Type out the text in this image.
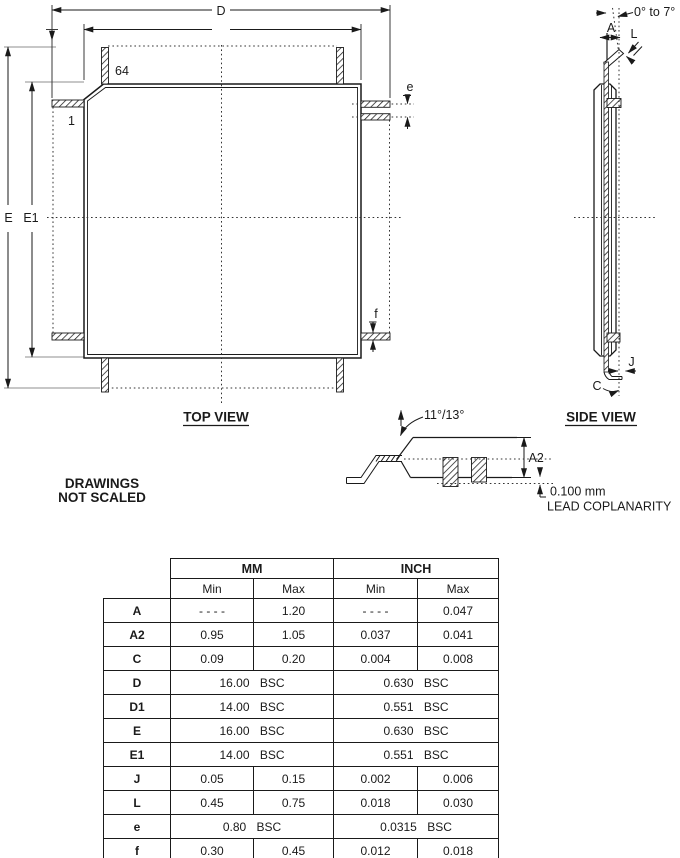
D
E E1
e
f
64
1
TOP VIEW
0° to 7°
A L
J
C
SIDE VIEW
11°/13°
A2
0.100 mm
LEAD COPLANARITY
DRAWINGS
NOT SCALED
	MM		INCH	
	Min	Max	Min	Max
A	- - - -	1.20	- - - -	0.047
A2	0.95	1.05	0.037	0.041
C	0.09	0.20	0.004	0.008
D	16.00 BSC		0.630 BSC	
D1	14.00 BSC		0.551 BSC	
E	16.00 BSC		0.630 BSC	
E1	14.00 BSC		0.551 BSC	
J	0.05	0.15	0.002	0.006
L	0.45	0.75	0.018	0.030
e	0.80 BSC		0.0315 BSC	
f	0.30	0.45	0.012	0.018
